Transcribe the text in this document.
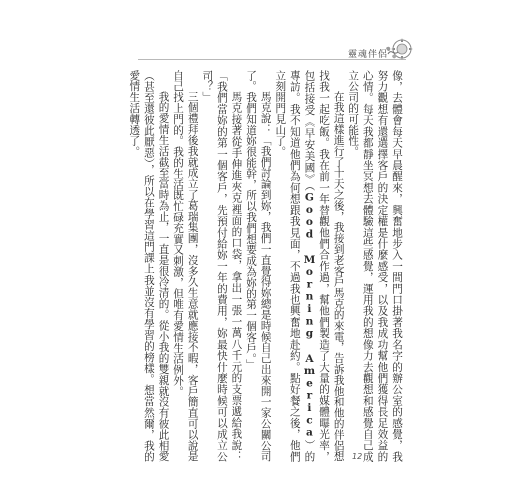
靈魂伴侶

像，去體會每天早晨醒來，興奮地步入一間門口掛著我名字的辦公室的感覺，我努力觀想有還選擇客戶的決定權是什麼感受，以及我成功幫他們獲得長足效益的心情。每天我都靜坐冥想去體驗這些感覺，運用我的想像力去觀想和感覺自己成立公司的可能性。

在我這樣進行了十天之後，我接到老客戶馬克的來電，告訴我他和他的伴侶想找我一起吃飯。我在前一年替觀他們合作過，幫他們製造了大量的媒體曝光率，包括接受《早安美國》（Good Morning America）的專訪。我不知道他們為何想跟我見面，不過我也興奮地赴約。點好餐之後，他們立刻開門見山了。

馬克說：「我們討論到妳，我們一直覺得妳總是時候自己出來開一家公關公司了。我們知道妳很能幹，所以我們想要成為妳的第一個客戶。」

馬克接著從手伸進夾克裡面的口袋，拿出一張一萬八千元的支票遞給我說：「我們當妳的第一個客戶，先預付給妳一年的費用，妳最快什麼時候可以成立公司？」

三個禮拜後我就成立了葛瑞集團，沒多久生意就應接不暇，客戶簡直可以說是自己找上門的。我的生活既忙碌充實又刺激，但唯有愛情生活例外。

我的愛情生活截至當時為止，一直是很冷清的。從小我的雙親就沒有彼此相愛（甚至還彼此厭惡），所以在學習這門課上我並沒有學習的榜樣。想當然爾，我的愛情生活轉透了。

12
